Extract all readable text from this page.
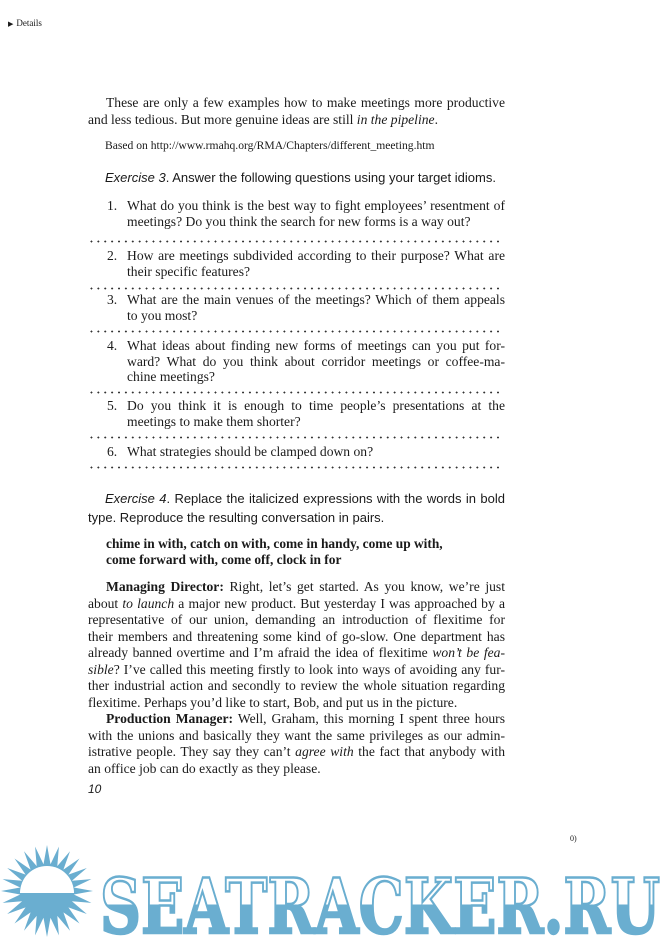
▶ Details
These are only a few examples how to make meetings more productive
and less tedious. But more genuine ideas are still in the pipeline.
Based on http://www.rmahq.org/RMA/Chapters/different_meeting.htm
Exercise 3. Answer the following questions using your target idioms.
1. What do you think is the best way to fight employees’ resentment of
meetings? Do you think the search for new forms is a way out?
2. How are meetings subdivided according to their purpose? What are
their specific features?
3. What are the main venues of the meetings? Which of them appeals
to you most?
4. What ideas about finding new forms of meetings can you put for-
ward? What do you think about corridor meetings or coffee-ma-
chine meetings?
5. Do you think it is enough to time people’s presentations at the
meetings to make them shorter?
6. What strategies should be clamped down on?
Exercise 4. Replace the italicized expressions with the words in bold
type. Reproduce the resulting conversation in pairs.
chime in with, catch on with, come in handy, come up with,
come forward with, come off, clock in for
Managing Director: Right, let’s get started. As you know, we’re just
about to launch a major new product. But yesterday I was approached by a
representative of our union, demanding an introduction of flexitime for
their members and threatening some kind of go-slow. One department has
already banned overtime and I’m afraid the idea of flexitime won’t be fea-
sible? I’ve called this meeting firstly to look into ways of avoiding any fur-
ther industrial action and secondly to review the whole situation regarding
flexitime. Perhaps you’d like to start, Bob, and put us in the picture.
Production Manager: Well, Graham, this morning I spent three hours
with the unions and basically they want the same privileges as our admin-
istrative people. They say they can’t agree with the fact that anybody with
an office job can do exactly as they please.
10
0)
SEATRACKER.RU
